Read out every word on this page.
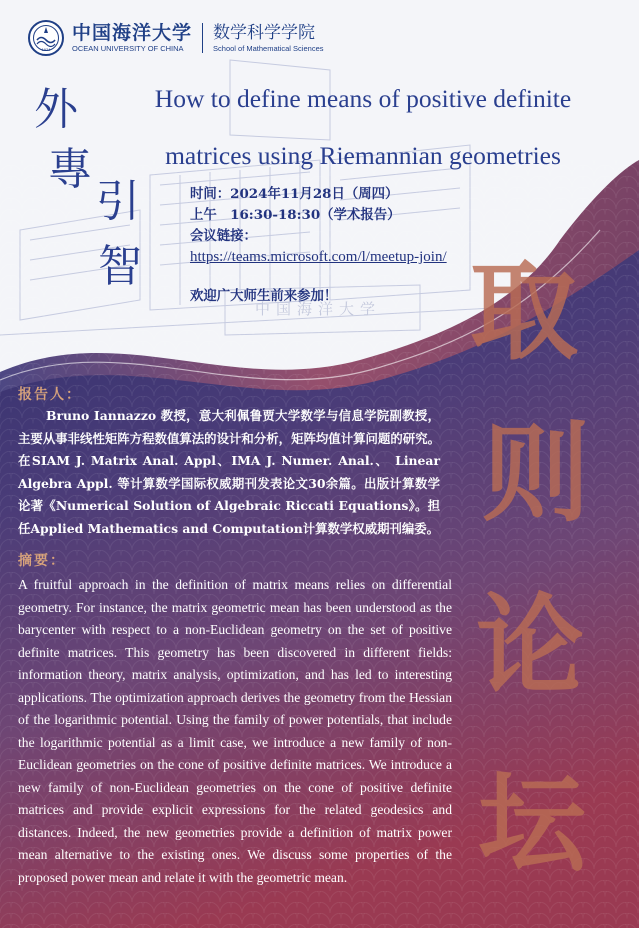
1924
中国海洋大学
OCEAN UNIVERSITY OF CHINA
数学科学学院
School of Mathematical Sciences
外
專
引
智
中国海洋大学
How to define means of positive definite
matrices using Riemannian geometries
时间：2024年11月28日（周四）
上午　16:30-18:30（学术报告）
会议链接：
https://teams.microsoft.com/l/meetup-join/
欢迎广大师生前来参加！	取
则
论
坛
报告人：
Bruno Iannazzo 教授，意大利佩鲁贾大学数学与信息学院副教授，主要从事非线性矩阵方程数值算法的设计和分析，矩阵均值计算问题的研究。在SIAM J. Matrix Anal. Appl、IMA J. Numer. Anal.、 Linear Algebra Appl. 等计算数学国际权威期刊发表论文30余篇。出版计算数学论著《Numerical Solution of Algebraic Riccati Equations》。担任Applied Mathematics and Computation计算数学权威期刊编委。
摘要：
A fruitful approach in the definition of matrix means relies on differential geometry. For instance, the matrix geometric mean has been understood as the barycenter with respect to a non-Euclidean geometry on the set of positive definite matrices. This geometry has been discovered in different fields: information theory, matrix analysis, optimization, and has led to interesting applications. The optimization approach derives the geometry from the Hessian of the logarithmic potential. Using the family of power potentials, that include the logarithmic potential as a limit case, we introduce a new family of non-Euclidean geometries on the cone of positive definite matrices. We introduce a new family of non-Euclidean geometries on the cone of positive definite matrices and provide explicit expressions for the related geodesics and distances. Indeed, the new geometries provide a definition of matrix power mean alternative to the existing ones. We discuss some properties of the proposed power mean and relate it with the geometric mean.
